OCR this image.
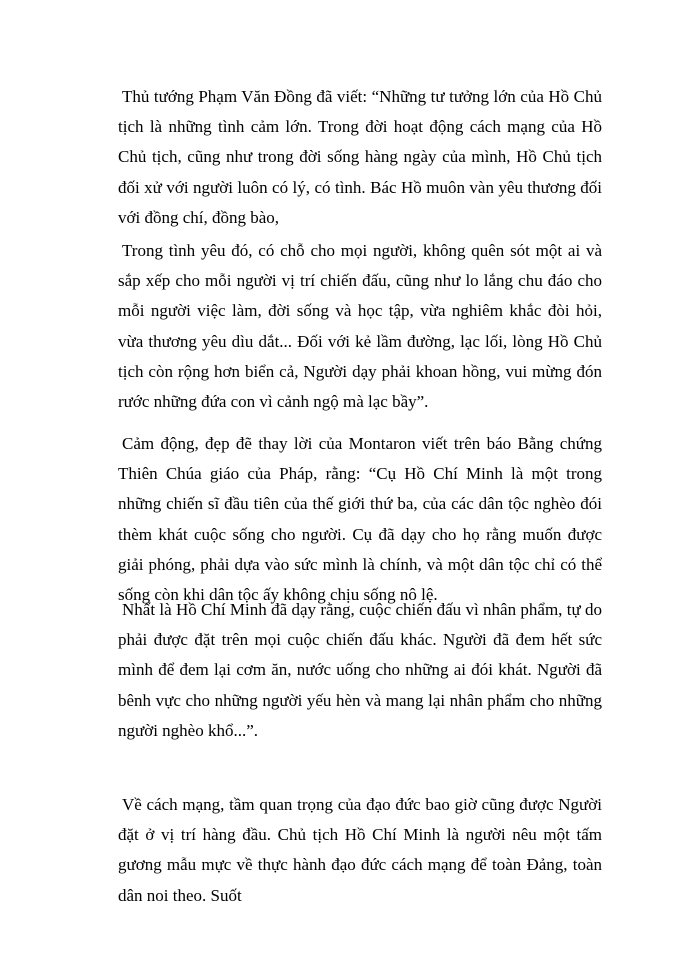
Thủ tướng Phạm Văn Đồng đã viết: “Những tư tưởng lớn của Hồ Chủ tịch là những tình cảm lớn. Trong đời hoạt động cách mạng của Hồ Chủ tịch, cũng như trong đời sống hàng ngày của mình, Hồ Chủ tịch đối xử với người luôn có lý, có tình. Bác Hồ muôn vàn yêu thương đối với đồng chí, đồng bào,

Trong tình yêu đó, có chỗ cho mọi người, không quên sót một ai và sắp xếp cho mỗi người vị trí chiến đấu, cũng như lo lắng chu đáo cho mỗi người việc làm, đời sống và học tập, vừa nghiêm khắc đòi hỏi, vừa thương yêu dìu dắt... Đối với kẻ lầm đường, lạc lối, lòng Hồ Chủ tịch còn rộng hơn biển cả, Người dạy phải khoan hồng, vui mừng đón rước những đứa con vì cảnh ngộ mà lạc bầy”.

Cảm động, đẹp đẽ thay lời của Montaron viết trên báo Bằng chứng Thiên Chúa giáo của Pháp, rằng: “Cụ Hồ Chí Minh là một trong những chiến sĩ đầu tiên của thế giới thứ ba, của các dân tộc nghèo đói thèm khát cuộc sống cho người. Cụ đã dạy cho họ rằng muốn được giải phóng, phải dựa vào sức mình là chính, và một dân tộc chỉ có thể sống còn khi dân tộc ấy không chịu sống nô lệ.

Nhất là Hồ Chí Minh đã dạy rằng, cuộc chiến đấu vì nhân phẩm, tự do phải được đặt trên mọi cuộc chiến đấu khác. Người đã đem hết sức mình để đem lại cơm ăn, nước uống cho những ai đói khát. Người đã bênh vực cho những người yếu hèn và mang lại nhân phẩm cho những người nghèo khổ...”.

Về cách mạng, tầm quan trọng của đạo đức bao giờ cũng được Người đặt ở vị trí hàng đầu. Chủ tịch Hồ Chí Minh là người nêu một tấm gương mẫu mực về thực hành đạo đức cách mạng để toàn Đảng, toàn dân noi theo. Suốt
